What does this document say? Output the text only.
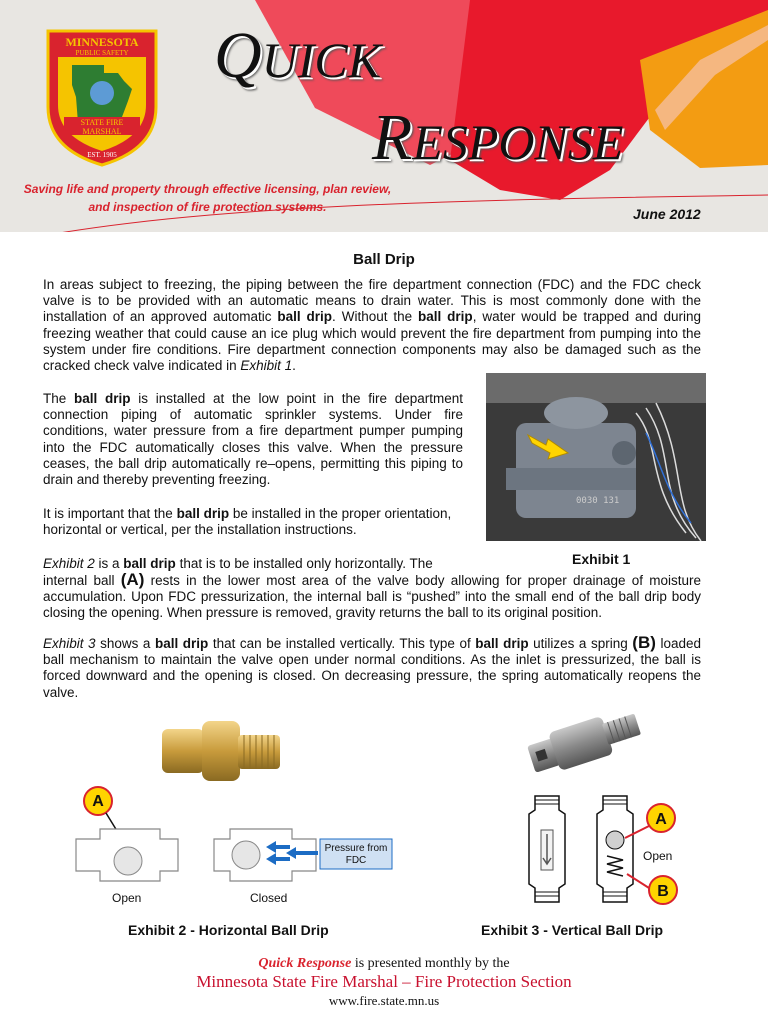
MINNESOTA
PUBLIC SAFETY
STATE FIRE
MARSHAL
EST. 1905
QUICK
RESPONSE
Saving life and property through effective licensing, plan review,
and inspection of fire protection systems.	June 2012
Ball Drip
In areas subject to freezing, the piping between the fire department connection (FDC) and the FDC check valve is to be provided with an automatic means to drain water. This is most commonly done with the installation of an approved automatic ball drip. Without the ball drip, water would be trapped and during freezing weather that could cause an ice plug which would prevent the fire department from pumping into the system under fire conditions. Fire department connection components may also be damaged such as the cracked check valve indicated in Exhibit 1.
The ball drip is installed at the low point in the fire department connection piping of automatic sprinkler systems. Under fire conditions, water pressure from a fire department pumper pumping into the FDC automatically closes this valve. When the pressure ceases, the ball drip automatically re–opens, permitting this piping to drain and thereby preventing freezing.
It is important that the ball drip be installed in the proper orientation, horizontal or vertical, per the installation instructions.
0030 131
Exhibit 1
Exhibit 2 is a ball drip that is to be installed only horizontally. The
internal ball (A) rests in the lower most area of the valve body allowing for proper drainage of moisture accumulation. Upon FDC pressurization, the internal ball is “pushed” into the small end of the ball drip body closing the opening. When pressure is removed, gravity returns the ball to its original position.
Exhibit 3 shows a ball drip that can be installed vertically. This type of ball drip utilizes a spring (B) loaded ball mechanism to maintain the valve open under normal conditions. As the inlet is pressurized, the ball is forced downward and the opening is closed. On decreasing pressure, the spring automatically reopens the valve.
A
Pressure from
FDC
Open	Closed
Exhibit 2 - Horizontal Ball Drip
A
B
Open
Exhibit 3 - Vertical Ball Drip
Quick Response is presented monthly by the
Minnesota State Fire Marshal – Fire Protection Section
www.fire.state.mn.us
